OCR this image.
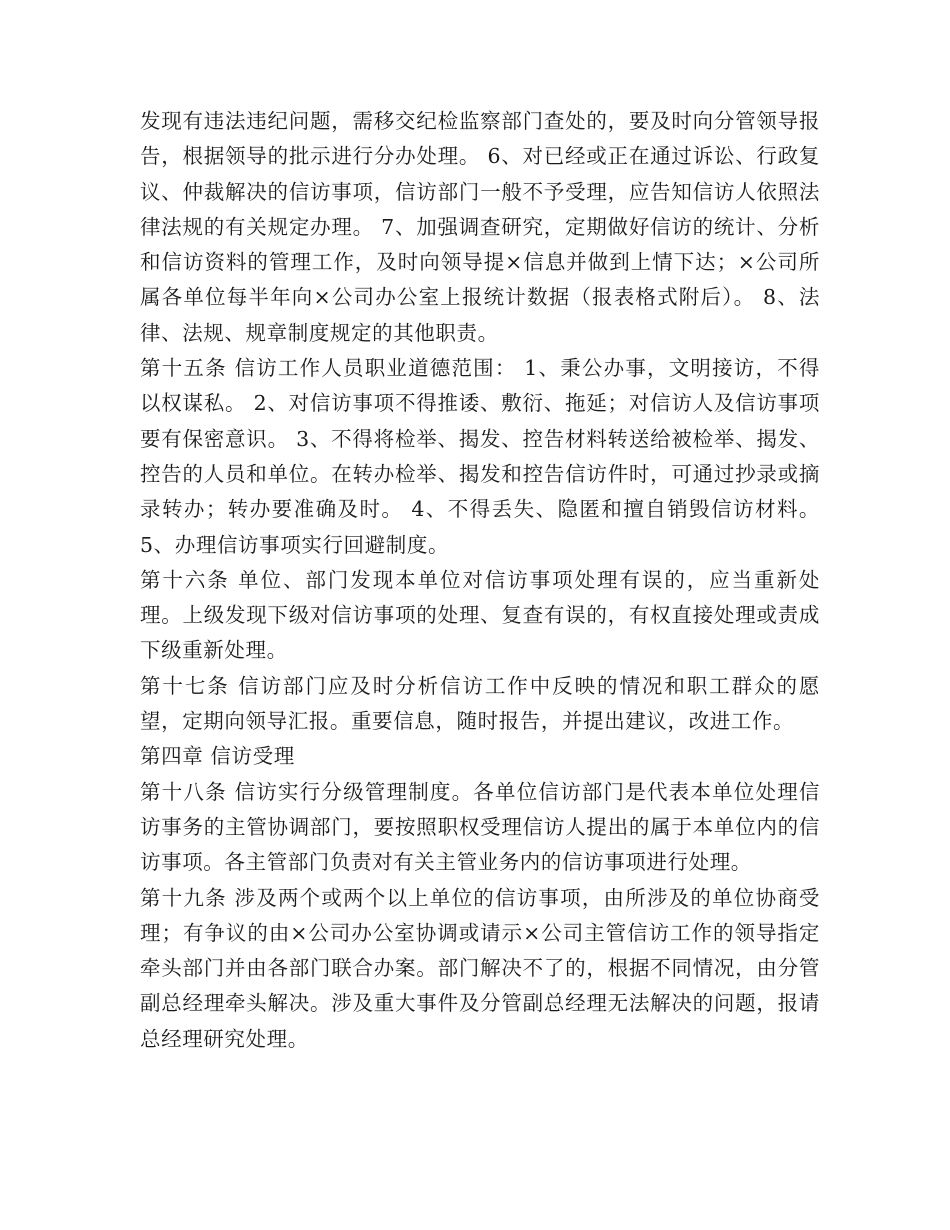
发现有违法违纪问题，需移交纪检监察部门查处的，要及时向分管领导报告，根据领导的批示进行分办处理。 6、对已经或正在通过诉讼、行政复议、仲裁解决的信访事项，信访部门一般不予受理，应告知信访人依照法律法规的有关规定办理。 7、加强调查研究，定期做好信访的统计、分析和信访资料的管理工作，及时向领导提×信息并做到上情下达；×公司所属各单位每半年向×公司办公室上报统计数据（报表格式附后）。 8、法律、法规、规章制度规定的其他职责。

第十五条 信访工作人员职业道德范围： 1、秉公办事，文明接访，不得以权谋私。 2、对信访事项不得推诿、敷衍、拖延；对信访人及信访事项要有保密意识。 3、不得将检举、揭发、控告材料转送给被检举、揭发、控告的人员和单位。在转办检举、揭发和控告信访件时，可通过抄录或摘录转办；转办要准确及时。 4、不得丢失、隐匿和擅自销毁信访材料。 5、办理信访事项实行回避制度。

第十六条 单位、部门发现本单位对信访事项处理有误的，应当重新处理。上级发现下级对信访事项的处理、复查有误的，有权直接处理或责成下级重新处理。

第十七条 信访部门应及时分析信访工作中反映的情况和职工群众的愿望，定期向领导汇报。重要信息，随时报告，并提出建议，改进工作。

第四章 信访受理

第十八条 信访实行分级管理制度。各单位信访部门是代表本单位处理信访事务的主管协调部门，要按照职权受理信访人提出的属于本单位内的信访事项。各主管部门负责对有关主管业务内的信访事项进行处理。

第十九条 涉及两个或两个以上单位的信访事项，由所涉及的单位协商受理；有争议的由×公司办公室协调或请示×公司主管信访工作的领导指定牵头部门并由各部门联合办案。部门解决不了的，根据不同情况，由分管副总经理牵头解决。涉及重大事件及分管副总经理无法解决的问题，报请总经理研究处理。
